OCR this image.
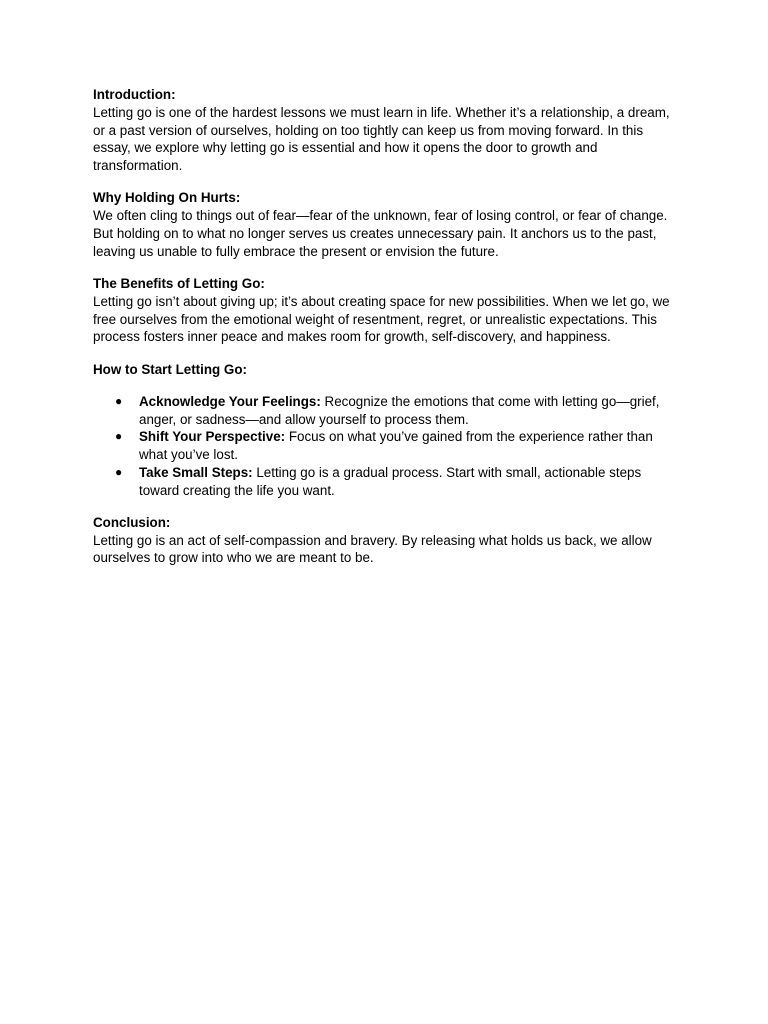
Introduction:
Letting go is one of the hardest lessons we must learn in life. Whether it’s a relationship, a dream, or a past version of ourselves, holding on too tightly can keep us from moving forward. In this essay, we explore why letting go is essential and how it opens the door to growth and transformation.
Why Holding On Hurts:
We often cling to things out of fear—fear of the unknown, fear of losing control, or fear of change. But holding on to what no longer serves us creates unnecessary pain. It anchors us to the past, leaving us unable to fully embrace the present or envision the future.
The Benefits of Letting Go:
Letting go isn’t about giving up; it’s about creating space for new possibilities. When we let go, we free ourselves from the emotional weight of resentment, regret, or unrealistic expectations. This process fosters inner peace and makes room for growth, self-discovery, and happiness.
How to Start Letting Go:
● Acknowledge Your Feelings: Recognize the emotions that come with letting go—grief, anger, or sadness—and allow yourself to process them.
● Shift Your Perspective: Focus on what you’ve gained from the experience rather than what you’ve lost.
● Take Small Steps: Letting go is a gradual process. Start with small, actionable steps toward creating the life you want.
Conclusion:
Letting go is an act of self-compassion and bravery. By releasing what holds us back, we allow ourselves to grow into who we are meant to be.
